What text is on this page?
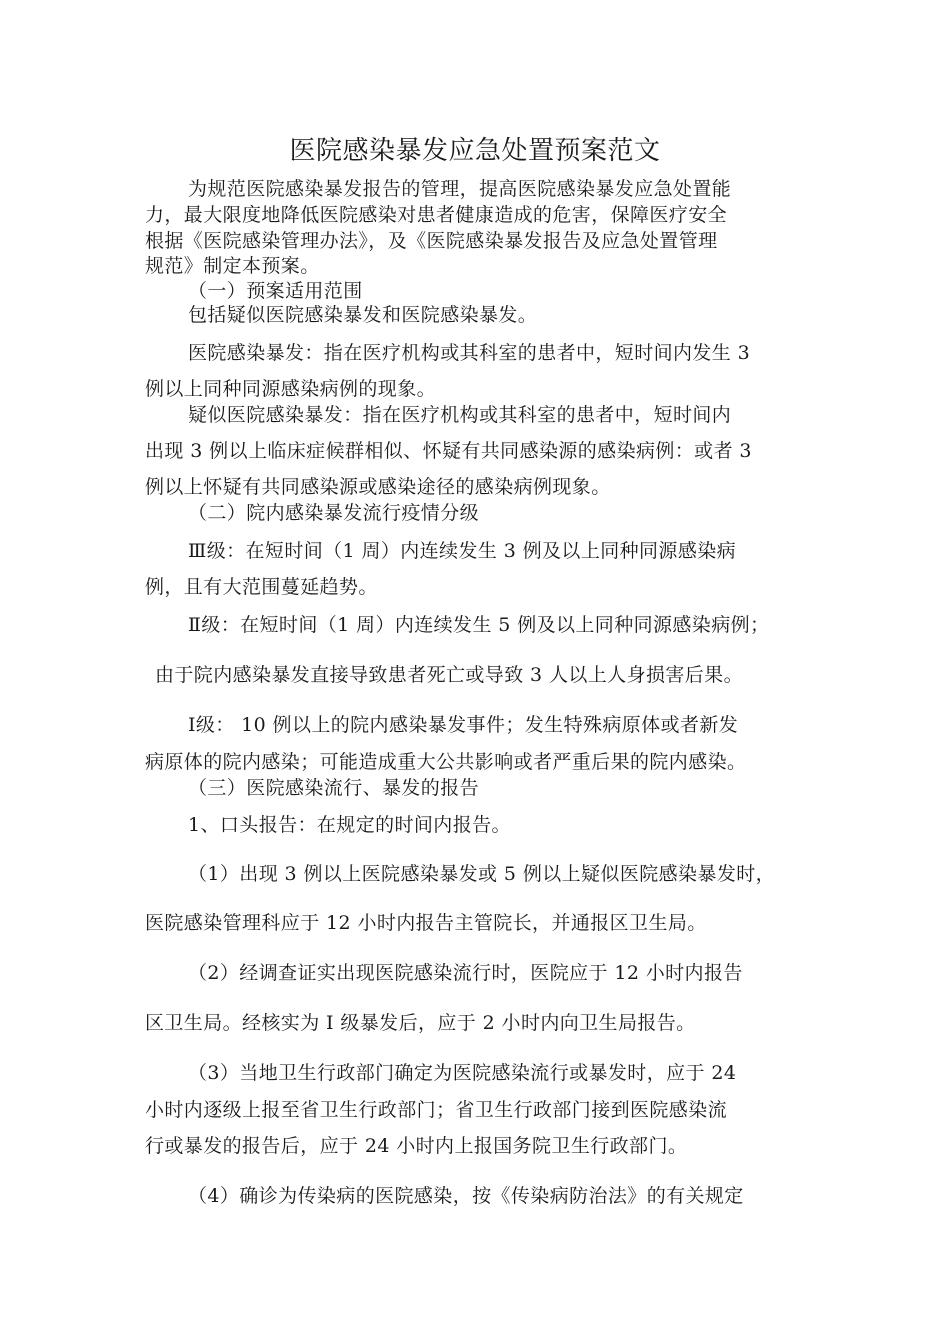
医院感染暴发应急处置预案范文
为规范医院感染暴发报告的管理，提高医院感染暴发应急处置能
力，最大限度地降低医院感染对患者健康造成的危害，保障医疗安全
根据《医院感染管理办法》，及《医院感染暴发报告及应急处置管理
规范》制定本预案。
（一）预案适用范围
包括疑似医院感染暴发和医院感染暴发。
医院感染暴发：指在医疗机构或其科室的患者中，短时间内发生 3
例以上同种同源感染病例的现象。
疑似医院感染暴发：指在医疗机构或其科室的患者中，短时间内
出现 3 例以上临床症候群相似、怀疑有共同感染源的感染病例：或者 3
例以上怀疑有共同感染源或感染途径的感染病例现象。
（二）院内感染暴发流行疫情分级
Ⅲ级：在短时间（1 周）内连续发生 3 例及以上同种同源感染病
例，且有大范围蔓延趋势。
Ⅱ级：在短时间（1 周）内连续发生 5 例及以上同种同源感染病例；
由于院内感染暴发直接导致患者死亡或导致 3 人以上人身损害后果。
Ⅰ级： 10 例以上的院内感染暴发事件；发生特殊病原体或者新发
病原体的院内感染；可能造成重大公共影响或者严重后果的院内感染。
（三）医院感染流行、暴发的报告
1、口头报告：在规定的时间内报告。
（1）出现 3 例以上医院感染暴发或 5 例以上疑似医院感染暴发时，
医院感染管理科应于 12 小时内报告主管院长，并通报区卫生局。
（2）经调查证实出现医院感染流行时，医院应于 12 小时内报告
区卫生局。经核实为 I 级暴发后，应于 2 小时内向卫生局报告。
（3）当地卫生行政部门确定为医院感染流行或暴发时，应于 24
小时内逐级上报至省卫生行政部门；省卫生行政部门接到医院感染流
行或暴发的报告后，应于 24 小时内上报国务院卫生行政部门。
（4）确诊为传染病的医院感染，按《传染病防治法》的有关规定
